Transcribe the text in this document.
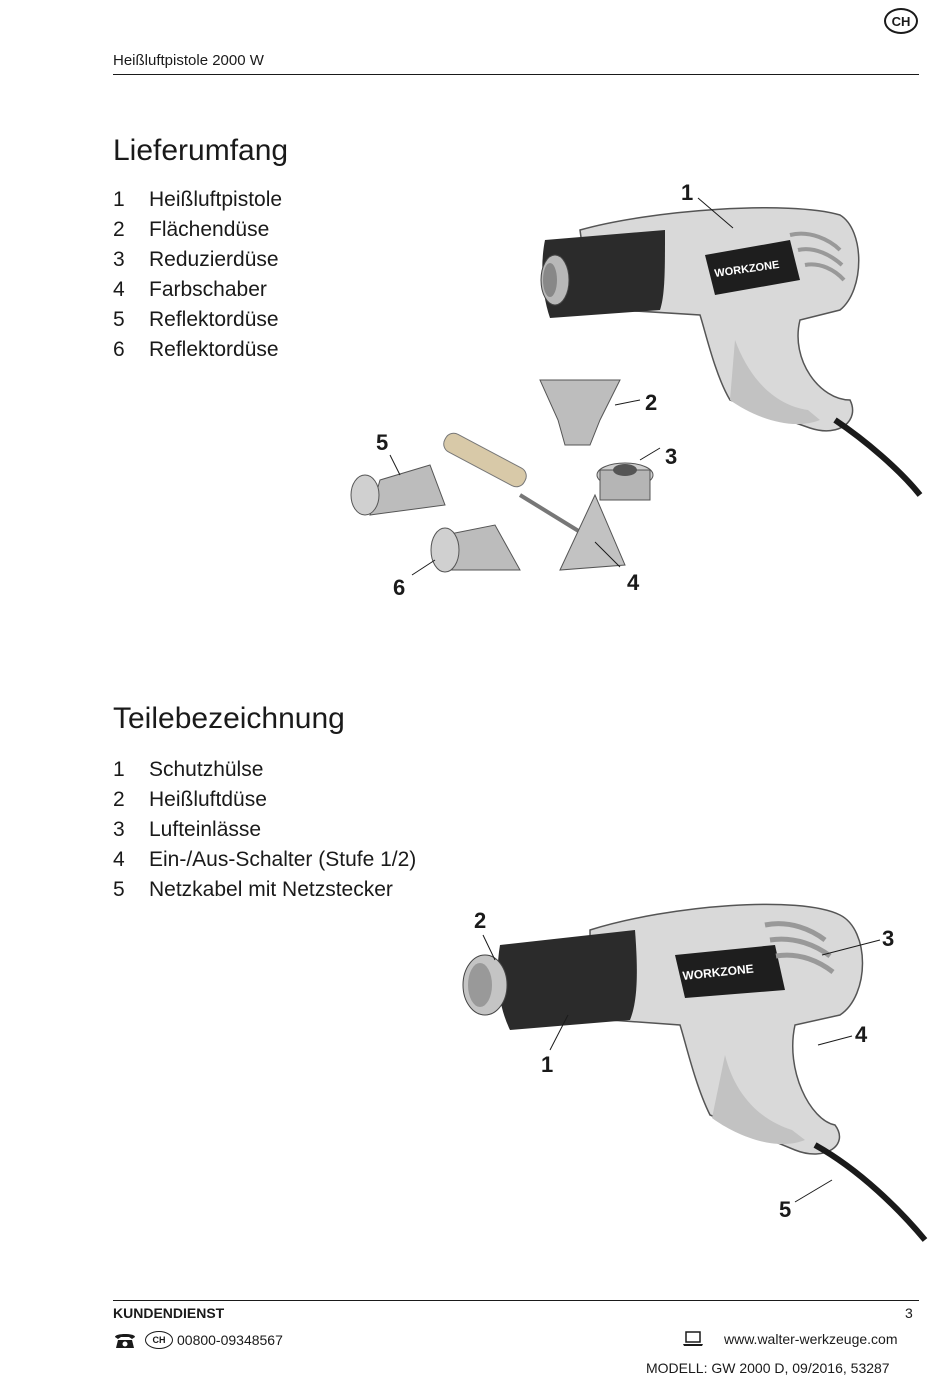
CH
Heißluftpistole 2000 W
Lieferumfang
1	Heißluftpistole
2	Flächendüse
3	Reduzierdüse
4	Farbschaber
5	Reflektordüse
6	Reflektordüse
WORKZONE
1
2
3
4
5
6
Teilebezeichnung
1	Schutzhülse
2	Heißluftdüse
3	Lufteinlässe
4	Ein-/Aus-Schalter (Stufe 1/2)
5	Netzkabel mit Netzstecker
WORKZONE
2
1
3
4
5
KUNDENDIENST	3
CH 00800-09348567	www.walter-werkzeuge.com
MODELL: GW 2000 D, 09/2016, 53287
